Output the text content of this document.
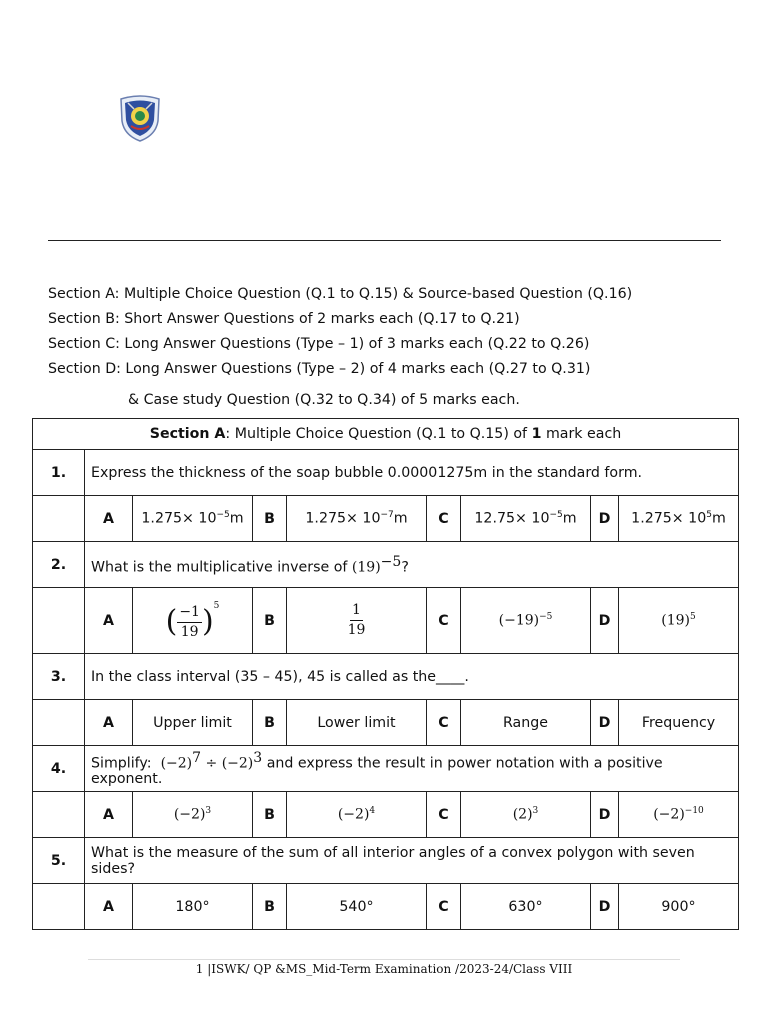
Section A: Multiple Choice Question (Q.1 to Q.15) & Source-based Question (Q.16)
Section B: Short Answer Questions of 2 marks each (Q.17 to Q.21)
Section C: Long Answer Questions (Type – 1) of 3 marks each (Q.22 to Q.26)
Section D: Long Answer Questions (Type – 2) of 4 marks each (Q.27 to Q.31)
& Case study Question (Q.32 to Q.34) of 5 marks each.
Section A: Multiple Choice Question (Q.1 to Q.15) of 1 mark each								
1.	Express the thickness of the soap bubble 0.00001275m in the standard form.							
	A	$1.275\times 10^{-5}m$	B	$1.275\times 10^{-7}m$	C	$12.75\times 10^{-5}m$	D	$1.275\times 10^5m$
2.	What is the multiplicative inverse of $(19)^{-5}$?							
	A	( $\frac{-1}{19} )^5$	B	$\frac{1}{19}$	C	$(-19)^{-5}$	D	$(19)^5$
3.	In the class interval (35 – 45), 45 is called as the____.							
	A	Upper limit	B	Lower limit	C	Range	D	Frequency
4.	Simplify: $(-2)^7 \div (-2)^3$ and express the result in power notation with a positive exponent.							
	A	$(-2)^3$	B	$(-2)^4$	C	$(2)^3$	D	$(-2)^{-10}$
5.	What is the measure of the sum of all interior angles of a convex polygon with seven sides?							
	A	180°	B	540°	C	630°	D	900°
1 |ISWK/ QP &MS_Mid-Term Examination /2023-24/Class VIII
